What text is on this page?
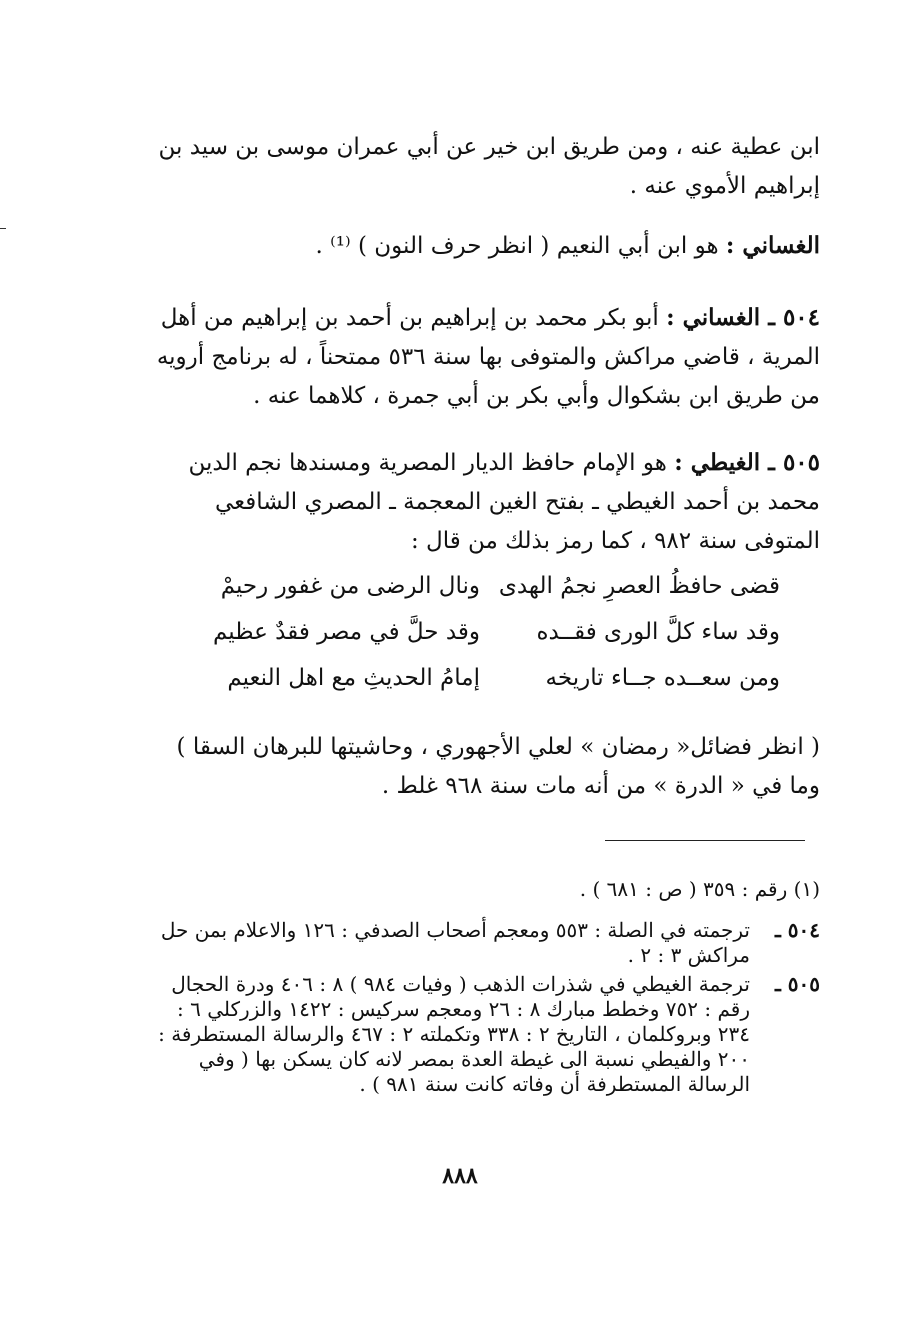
ابن عطية عنه ، ومن طريق ابن خير عن أبي عمران موسى بن سيد بن إبراهيم الأموي عنه .
الغساني : هو ابن أبي النعيم ( انظر حرف النون ) ⁽¹⁾ .
٥٠٤ ـ الغساني : أبو بكر محمد بن إبراهيم بن أحمد بن إبراهيم من أهل المرية ، قاضي مراكش والمتوفى بها سنة ٥٣٦ ممتحناً ، له برنامج أرويه من طريق ابن بشكوال وأبي بكر بن أبي جمرة ، كلاهما عنه .
٥٠٥ ـ الغيطي : هو الإمام حافظ الديار المصرية ومسندها نجم الدين محمد بن أحمد الغيطي ـ بفتح الغين المعجمة ـ المصري الشافعي المتوفى سنة ٩٨٢ ، كما رمز بذلك من قال :
قضى حافظُ العصرِ نجمُ الهدى
ونال الرضى من غفور رحيمْ
وقد ساء كلَّ الورى فقــده
وقد حلَّ في مصر فقدٌ عظيم
ومن سعــده جــاء تاريخه
إمامُ الحديثِ مع اهل النعيم
( انظر فضائل« رمضان » لعلي الأجهوري ، وحاشيتها للبرهان السقا ) وما في « الدرة » من أنه مات سنة ٩٦٨ غلط .
(١) رقم : ٣٥٩ ( ص : ٦٨١ ) .
٥٠٤ ـ
ترجمته في الصلة : ٥٥٣ ومعجم أصحاب الصدفي : ١٢٦ والاعلام بمن حل مراكش ٣ : ٢ .
٥٠٥ ـ
ترجمة الغيطي في شذرات الذهب ( وفيات ٩٨٤ ) ٨ : ٤٠٦ ودرة الحجال رقم : ٧٥٢ وخطط مبارك ٨ : ٢٦ ومعجم سركيس : ١٤٢٢ والزركلي ٦ : ٢٣٤ وبروكلمان ، التاريخ ٢ : ٣٣٨ وتكملته ٢ : ٤٦٧ والرسالة المستطرفة : ٢٠٠ والفيطي نسبة الى غيطة العدة بمصر لانه كان يسكن بها ( وفي الرسالة المستطرفة أن وفاته كانت سنة ٩٨١ ) .
٨٨٨
